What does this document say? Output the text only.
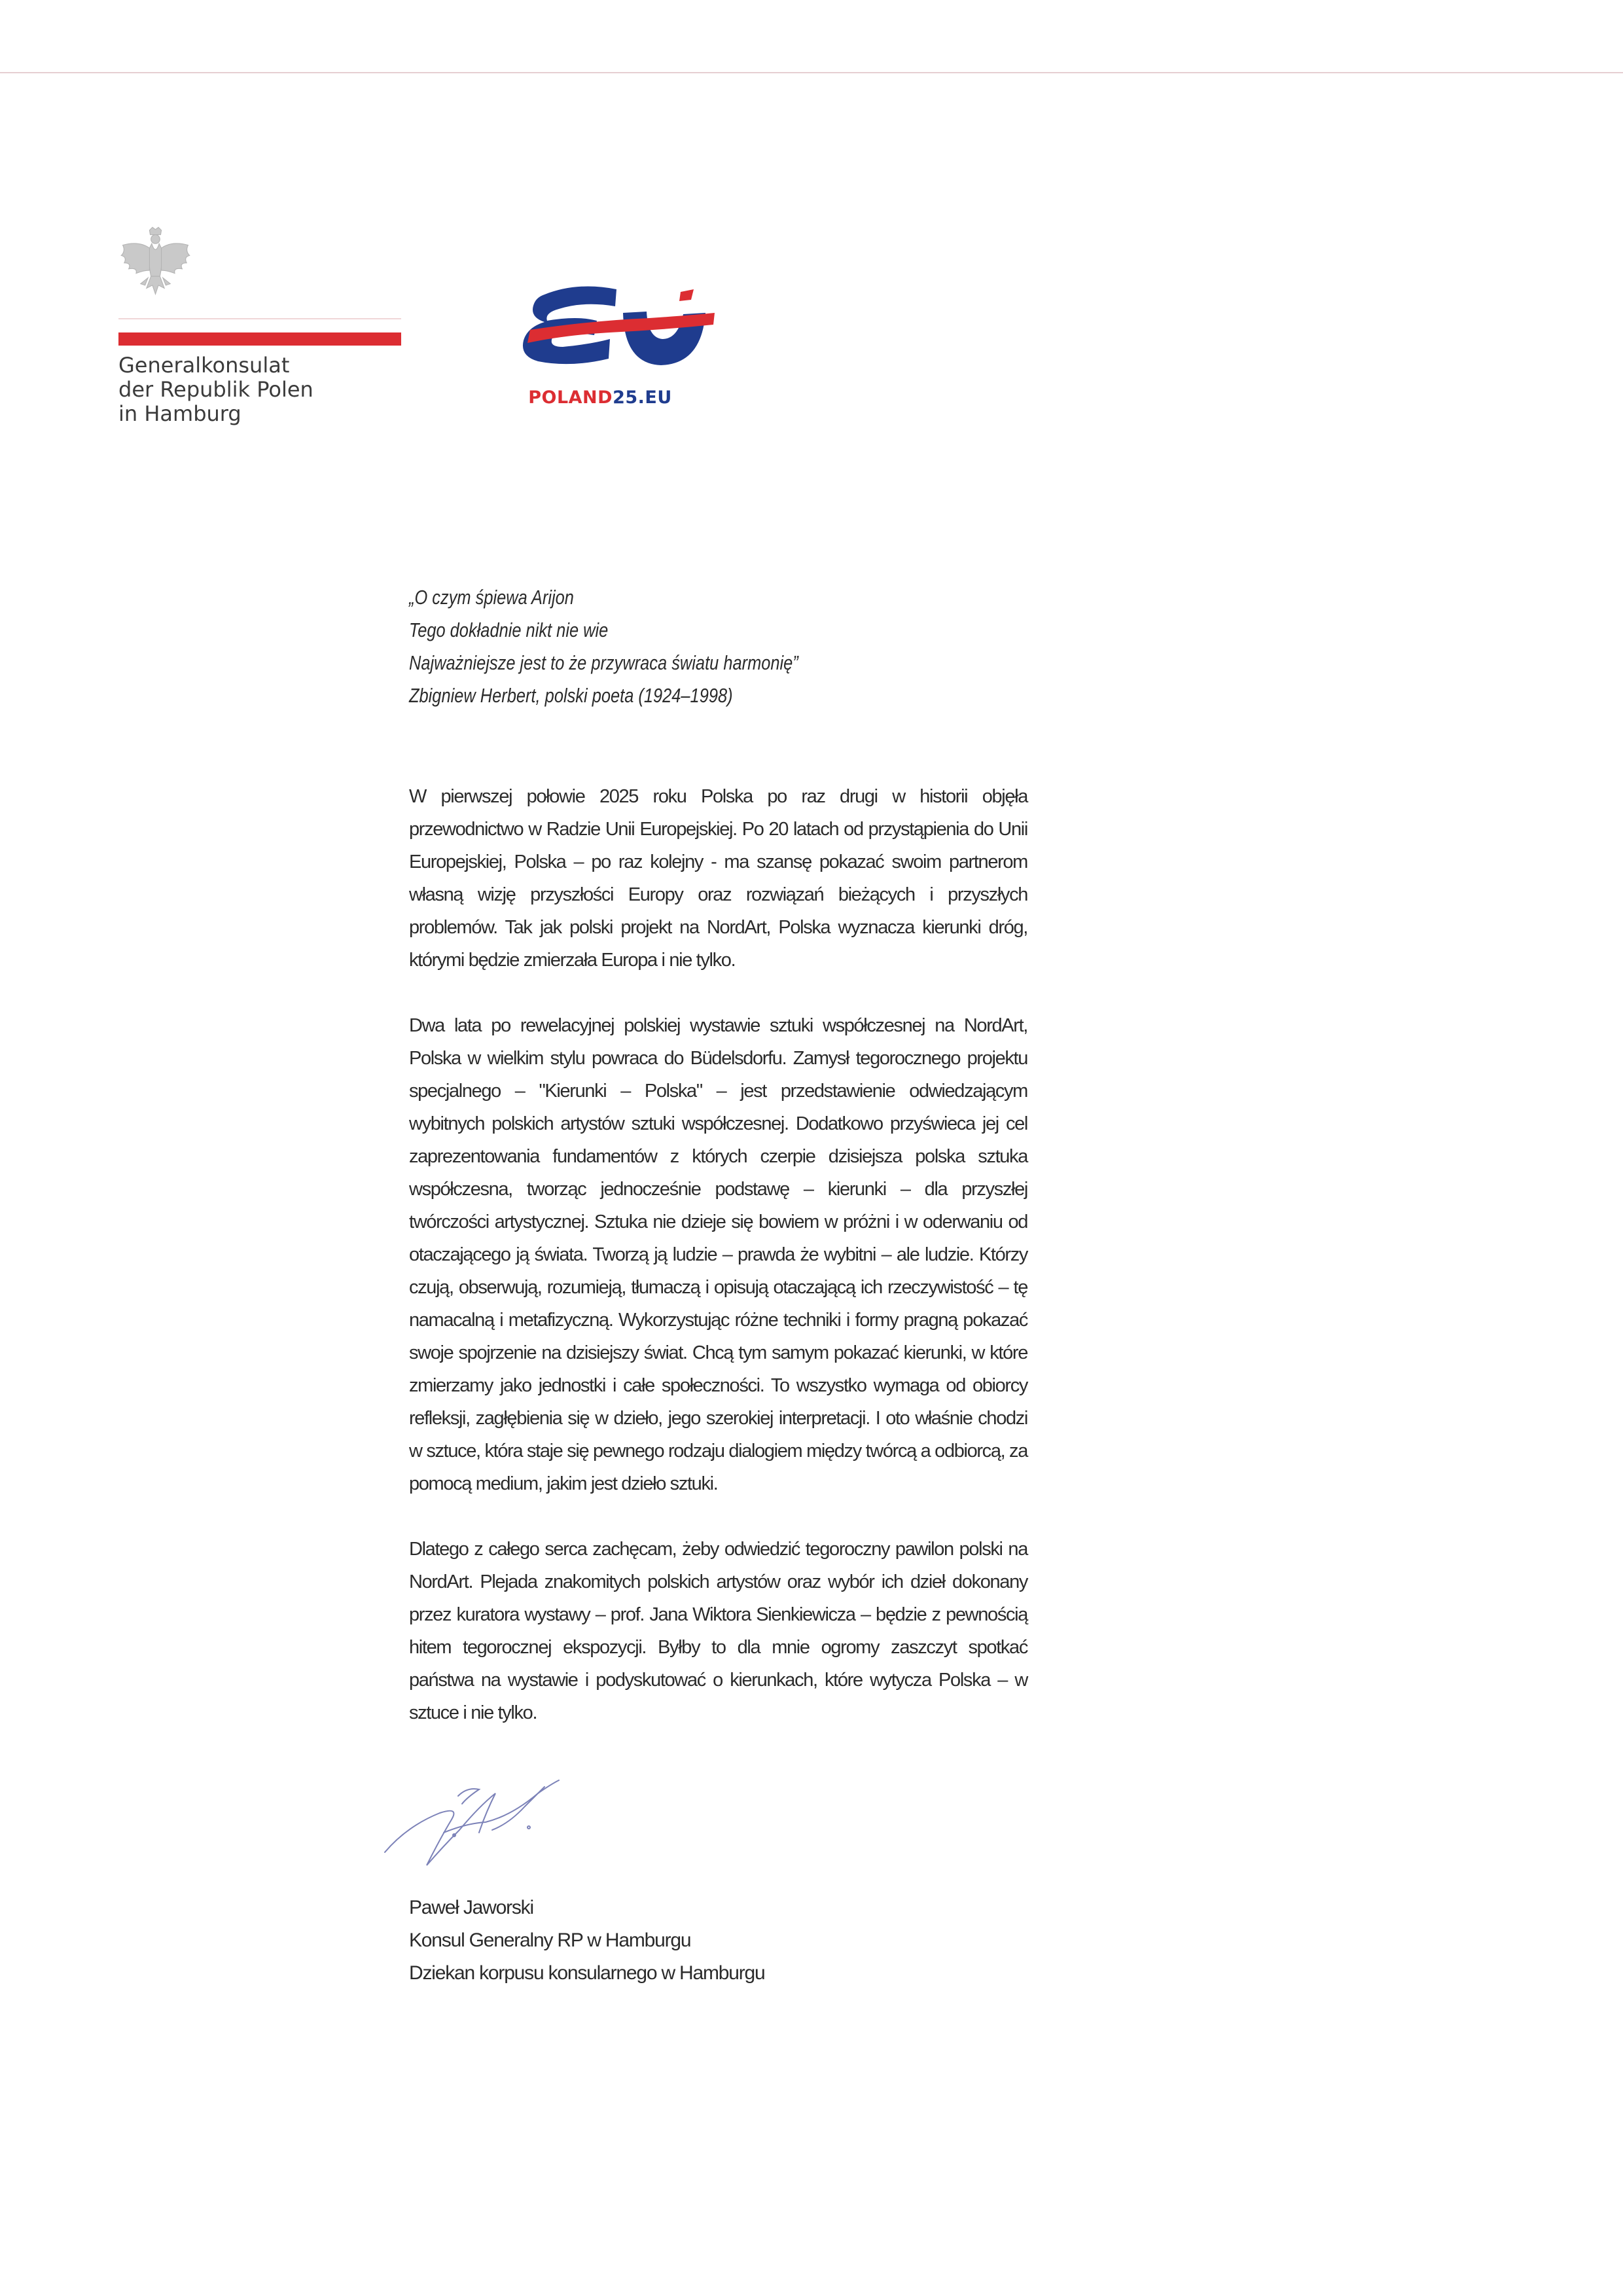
Generalkonsulat
der Republik Polen
in Hamburg
POLAND25.EU
„O czym śpiewa Arijon
Tego dokładnie nikt nie wie
Najważniejsze jest to że przywraca światu harmonię”
Zbigniew Herbert, polski poeta (1924–1998)

W pierwszej połowie 2025 roku Polska po raz drugi w historii objęła przewodnictwo w Radzie Unii Europejskiej. Po 20 latach od przystąpienia do Unii Europejskiej, Polska – po raz kolejny - ma szansę pokazać swoim partnerom własną wizję przyszłości Europy oraz rozwiązań bieżących i przyszłych problemów. Tak jak polski projekt na NordArt, Polska wyznacza kierunki dróg, którymi będzie zmierzała Europa i nie tylko.

Dwa lata po rewelacyjnej polskiej wystawie sztuki współczesnej na NordArt, Polska w wielkim stylu powraca do Büdelsdorfu. Zamysł tegorocznego projektu specjalnego – "Kierunki – Polska" – jest przedstawienie odwiedzającym wybitnych polskich artystów sztuki współczesnej. Dodatkowo przyświeca jej cel zaprezentowania fundamentów z których czerpie dzisiejsza polska sztuka współczesna, tworząc jednocześnie podstawę – kierunki – dla przyszłej twórczości artystycznej. Sztuka nie dzieje się bowiem w próżni i w oderwaniu od otaczającego ją świata. Tworzą ją ludzie – prawda że wybitni – ale ludzie. Którzy czują, obserwują, rozumieją, tłumaczą i opisują otaczającą ich rzeczywistość – tę namacalną i metafizyczną. Wykorzystując różne techniki i formy pragną pokazać swoje spojrzenie na dzisiejszy świat. Chcą tym samym pokazać kierunki, w które zmierzamy jako jednostki i całe społeczności. To wszystko wymaga od obiorcy refleksji, zagłębienia się w dzieło, jego szerokiej interpretacji. I oto właśnie chodzi w sztuce, która staje się pewnego rodzaju dialogiem między twórcą a odbiorcą, za pomocą medium, jakim jest dzieło sztuki.

Dlatego z całego serca zachęcam, żeby odwiedzić tegoroczny pawilon polski na NordArt. Plejada znakomitych polskich artystów oraz wybór ich dzieł dokonany przez kuratora wystawy – prof. Jana Wiktora Sienkiewicza – będzie z pewnością hitem tegorocznej ekspozycji. Byłby to dla mnie ogromy zaszczyt spotkać państwa na wystawie i podyskutować o kierunkach, które wytycza Polska – w sztuce i nie tylko.

Paweł Jaworski
Konsul Generalny RP w Hamburgu
Dziekan korpusu konsularnego w Hamburgu
